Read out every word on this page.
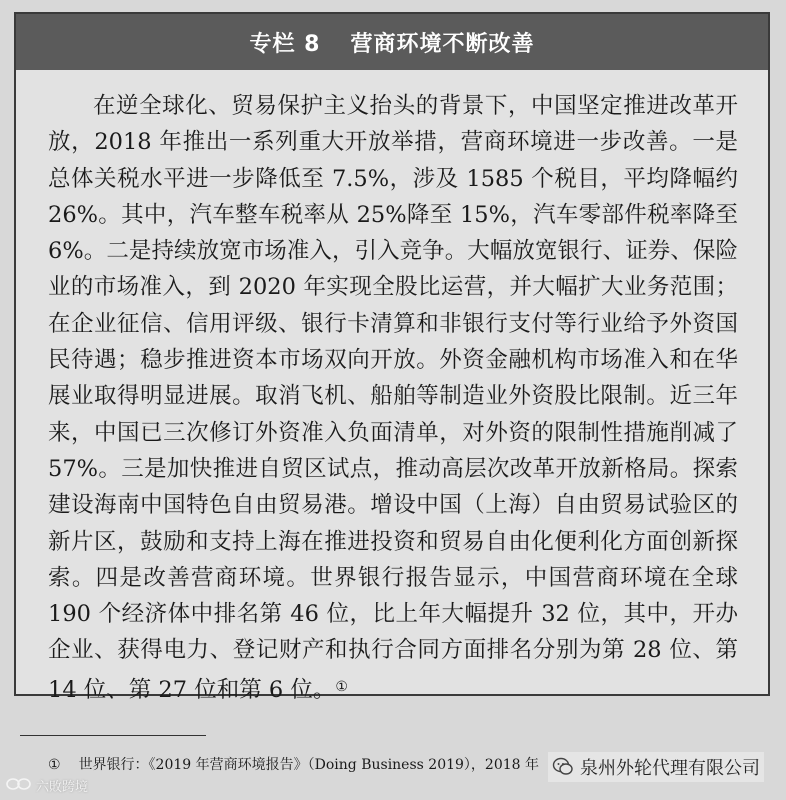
专栏 8 营商环境不断改善

在逆全球化、贸易保护主义抬头的背景下，中国坚定推进改革开放，2018 年推出一系列重大开放举措，营商环境进一步改善。一是总体关税水平进一步降低至 7.5%，涉及 1585 个税目，平均降幅约 26%。其中，汽车整车税率从 25%降至 15%，汽车零部件税率降至 6%。二是持续放宽市场准入，引入竞争。大幅放宽银行、证券、保险业的市场准入，到 2020 年实现全股比运营，并大幅扩大业务范围；在企业征信、信用评级、银行卡清算和非银行支付等行业给予外资国民待遇；稳步推进资本市场双向开放。外资金融机构市场准入和在华展业取得明显进展。取消飞机、船舶等制造业外资股比限制。近三年来，中国已三次修订外资准入负面清单，对外资的限制性措施削减了 57%。三是加快推进自贸区试点，推动高层次改革开放新格局。探索建设海南中国特色自由贸易港。增设中国（上海）自由贸易试验区的新片区，鼓励和支持上海在推进投资和贸易自由化便利化方面创新探索。四是改善营商环境。世界银行报告显示，中国营商环境在全球 190 个经济体中排名第 46 位，比上年大幅提升 32 位，其中，开办企业、获得电力、登记财产和执行合同方面排名分别为第 28 位、第 14 位、第 27 位和第 6 位。①

① 世界银行：《2019 年营商环境报告》（Doing Business 2019），2018 年

六敗跨境
泉州外轮代理有限公司
